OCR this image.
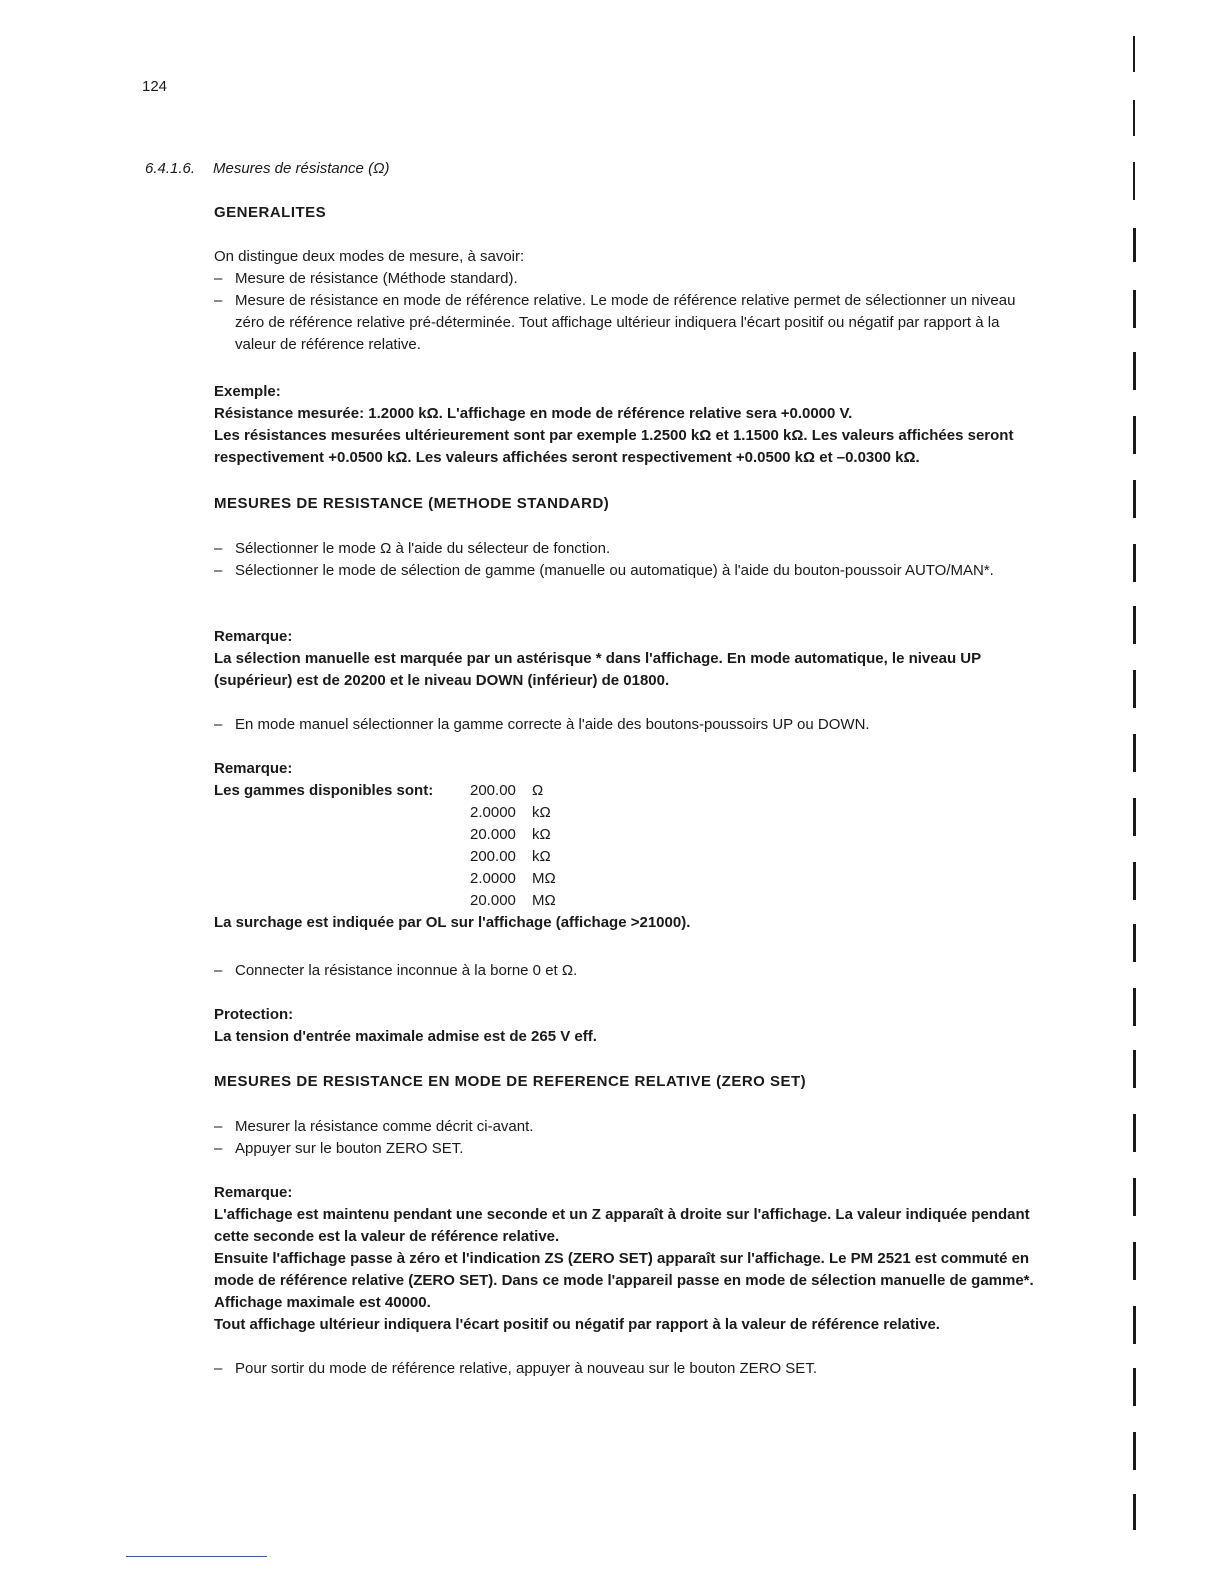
124
6.4.1.6. Mesures de résistance (Ω)
GENERALITES

On distingue deux modes de mesure, à savoir:

– Mesure de résistance (Méthode standard).
– Mesure de résistance en mode de référence relative. Le mode de référence relative permet de sélectionner un niveau zéro de référence relative pré-déterminée. Tout affichage ultérieur indiquera l'écart positif ou négatif par rapport à la valeur de référence relative.

Exemple:

Résistance mesurée: 1.2000 kΩ. L'affichage en mode de référence relative sera +0.0000 V.

Les résistances mesurées ultérieurement sont par exemple 1.2500 kΩ et 1.1500 kΩ. Les valeurs affichées seront respectivement +0.0500 kΩ. Les valeurs affichées seront respectivement +0.0500 kΩ et –0.0300 kΩ.

MESURES DE RESISTANCE (METHODE STANDARD)
– Sélectionner le mode Ω à l'aide du sélecteur de fonction.
– Sélectionner le mode de sélection de gamme (manuelle ou automatique) à l'aide du bouton-poussoir AUTO/MAN*.

Remarque:

La sélection manuelle est marquée par un astérisque * dans l'affichage. En mode automatique, le niveau UP (supérieur) est de 20200 et le niveau DOWN (inférieur) de 01800.

– En mode manuel sélectionner la gamme correcte à l'aide des boutons-poussoirs UP ou DOWN.

Remarque:

Les gammes disponibles sont: 200.00 Ω
2.0000 kΩ
20.000 kΩ
200.00 kΩ
2.0000 MΩ
20.000 MΩ

La surchage est indiquée par OL sur l'affichage (affichage >21000).

– Connecter la résistance inconnue à la borne 0 et Ω.

Protection:

La tension d'entrée maximale admise est de 265 V eff.

MESURES DE RESISTANCE EN MODE DE REFERENCE RELATIVE (ZERO SET)
– Mesurer la résistance comme décrit ci-avant.
– Appuyer sur le bouton ZERO SET.

Remarque:

L'affichage est maintenu pendant une seconde et un Z apparaît à droite sur l'affichage. La valeur indiquée pendant cette seconde est la valeur de référence relative.

Ensuite l'affichage passe à zéro et l'indication ZS (ZERO SET) apparaît sur l'affichage. Le PM 2521 est commuté en mode de référence relative (ZERO SET). Dans ce mode l'appareil passe en mode de sélection manuelle de gamme*. Affichage maximale est 40000.

Tout affichage ultérieur indiquera l'écart positif ou négatif par rapport à la valeur de référence relative.

– Pour sortir du mode de référence relative, appuyer à nouveau sur le bouton ZERO SET.
